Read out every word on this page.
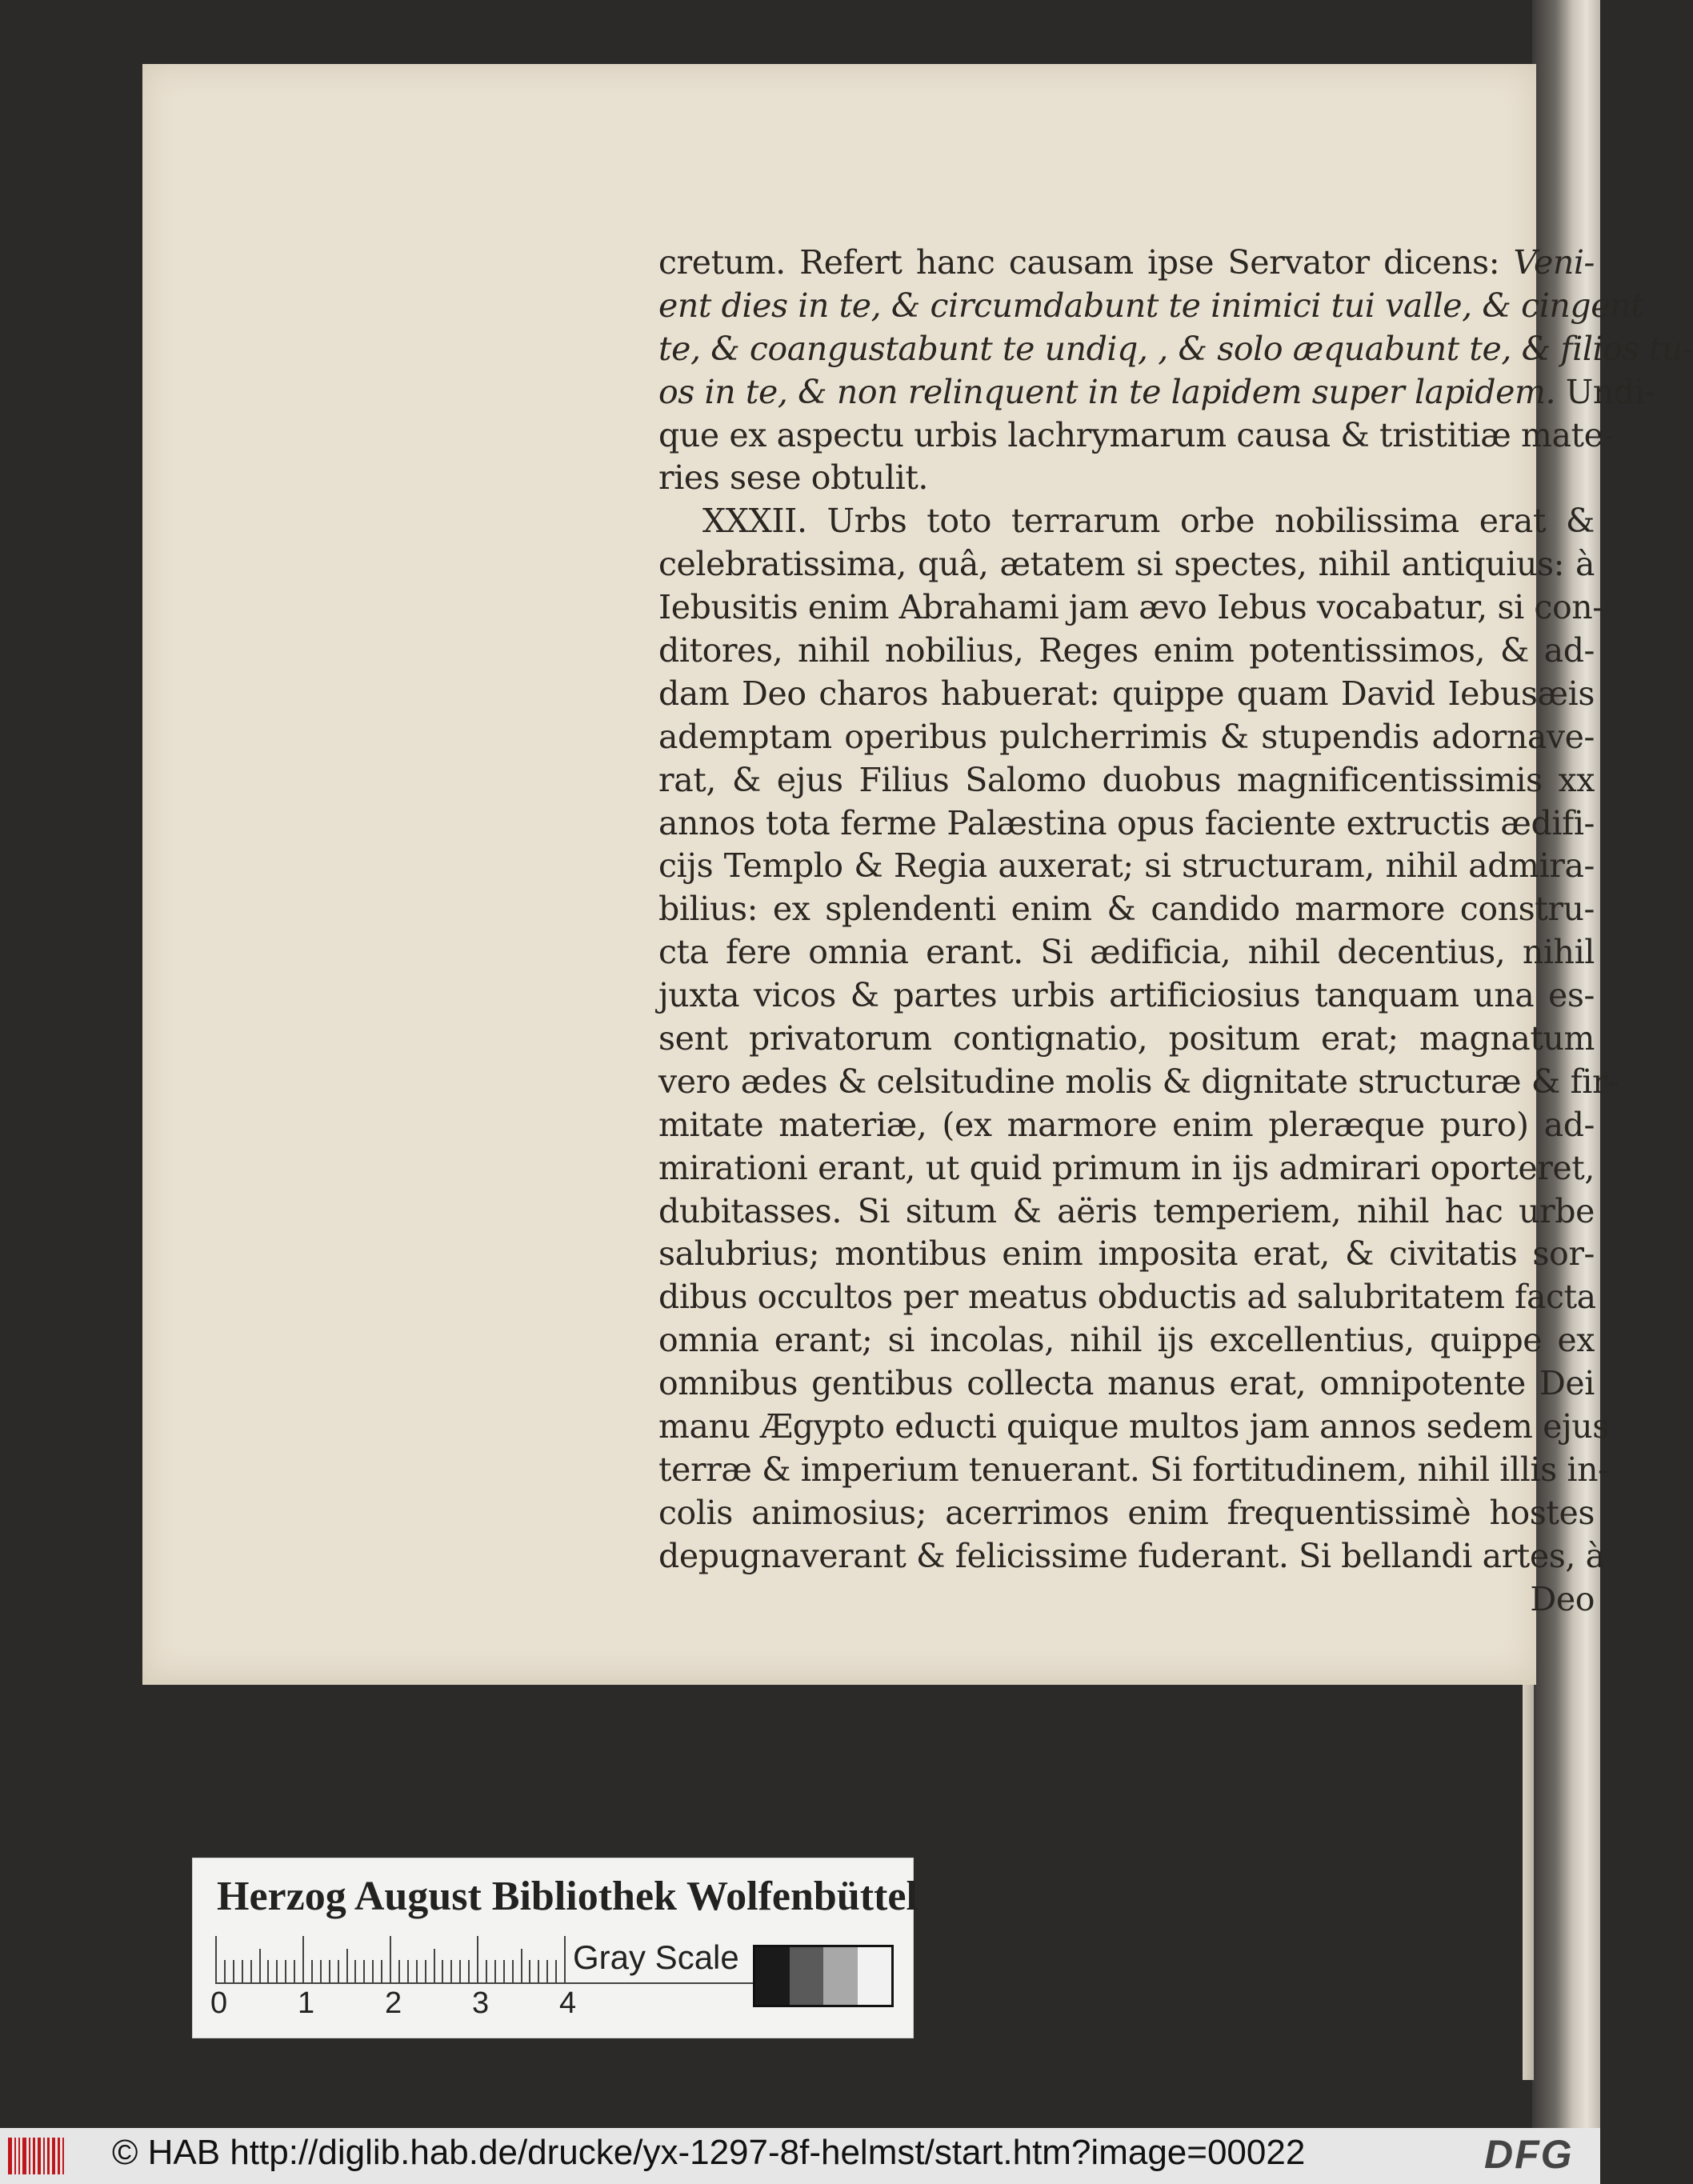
cretum. Refert hanc causam ipse Servator dicens: Veni-
ent dies in te, & circumdabunt te inimici tui valle, & cingent
te, & coangustabunt te undiq, , & solo æquabunt te, & filios tu-
os in te, & non relinquent in te lapidem super lapidem. Undi-
que ex aspectu urbis lachrymarum causa & tristitiæ mate-
ries sese obtulit.
XXXII. Urbs toto terrarum orbe nobilissima erat &
celebratissima, quâ, ætatem si spectes, nihil antiquius: à
Iebusitis enim Abrahami jam ævo Iebus vocabatur, si con-
ditores, nihil nobilius, Reges enim potentissimos, & ad-
dam Deo charos habuerat: quippe quam David Iebusæis
ademptam operibus pulcherrimis & stupendis adornave-
rat, & ejus Filius Salomo duobus magnificentissimis xx
annos tota ferme Palæstina opus faciente extructis ædifi-
cijs Templo & Regia auxerat; si structuram, nihil admira-
bilius: ex splendenti enim & candido marmore constru-
cta fere omnia erant. Si ædificia, nihil decentius, nihil
juxta vicos & partes urbis artificiosius tanquam una es-
sent privatorum contignatio, positum erat; magnatum
vero ædes & celsitudine molis & dignitate structuræ & fir-
mitate materiæ, (ex marmore enim pleræque puro) ad-
mirationi erant, ut quid primum in ijs admirari oporteret,
dubitasses. Si situm & aëris temperiem, nihil hac urbe
salubrius; montibus enim imposita erat, & civitatis sor-
dibus occultos per meatus obductis ad salubritatem facta
omnia erant; si incolas, nihil ijs excellentius, quippe ex
omnibus gentibus collecta manus erat, omnipotente Dei
manu Ægypto educti quique multos jam annos sedem ejus
terræ & imperium tenuerant. Si fortitudinem, nihil illis in-
colis animosius; acerrimos enim frequentissimè hostes
depugnaverant & felicissime fuderant. Si bellandi artes, à
Deo
Herzog August Bibliothek Wolfenbüttel
Gray Scale
0 1 2 3 4
© HAB http://diglib.hab.de/drucke/yx-1297-8f-helmst/start.htm?image=00022	DFG
